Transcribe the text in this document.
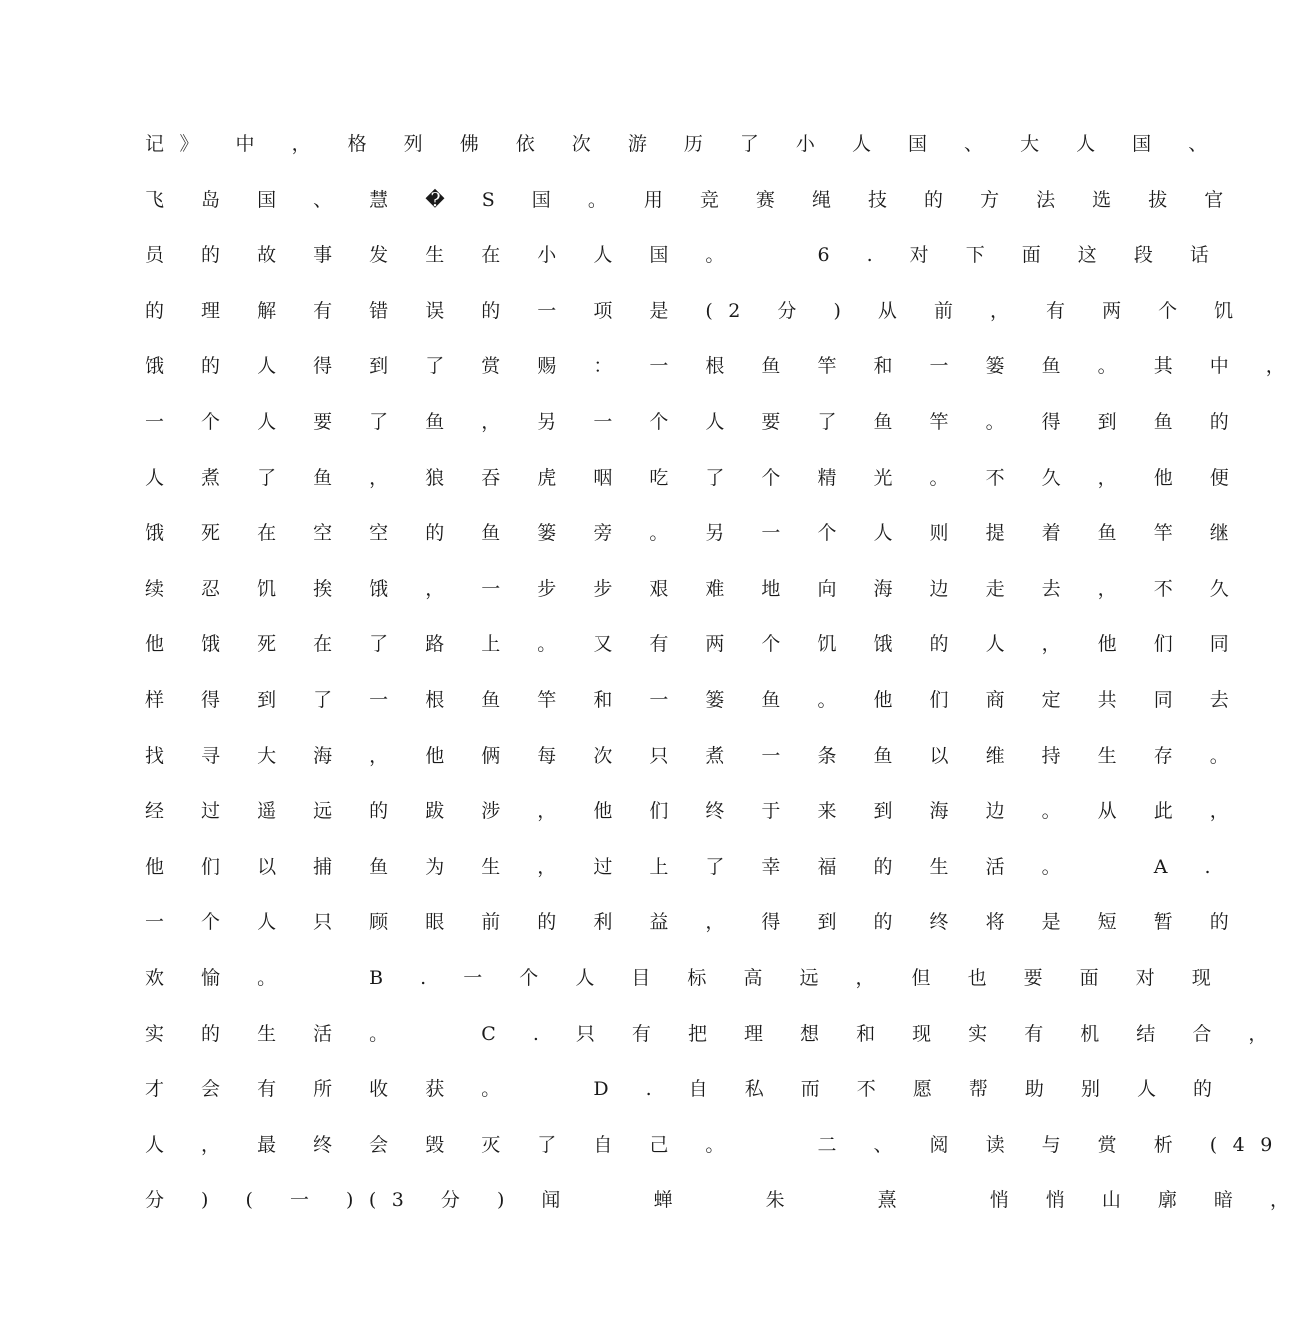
记》 中 ， 格 列 佛 依 次 游 历 了 小 人 国 、 大 人 国 、
飞 岛 国 、 慧 � S 国 。 用 竞 赛 绳 技 的 方 法 选 拔 官
员 的 故 事 发 生 在 小 人 国 。 　 6 . 对 下 面 这 段 话
的 理 解 有 错 误 的 一 项 是 (2 分 ) 从 前 ， 有 两 个 饥
饿 的 人 得 到 了 赏 赐 ： 一 根 鱼 竿 和 一 篓 鱼 。 其 中 ，
一 个 人 要 了 鱼 ， 另 一 个 人 要 了 鱼 竿 。 得 到 鱼 的
人 煮 了 鱼 ， 狼 吞 虎 咽 吃 了 个 精 光 。 不 久 ， 他 便
饿 死 在 空 空 的 鱼 篓 旁 。 另 一 个 人 则 提 着 鱼 竿 继
续 忍 饥 挨 饿 ， 一 步 步 艰 难 地 向 海 边 走 去 ， 不 久
他 饿 死 在 了 路 上 。 又 有 两 个 饥 饿 的 人 ， 他 们 同
样 得 到 了 一 根 鱼 竿 和 一 篓 鱼 。 他 们 商 定 共 同 去
找 寻 大 海 ， 他 俩 每 次 只 煮 一 条 鱼 以 维 持 生 存 。
经 过 遥 远 的 跋 涉 ， 他 们 终 于 来 到 海 边 。 从 此 ，
他 们 以 捕 鱼 为 生 ， 过 上 了 幸 福 的 生 活 。 　 A .
一 个 人 只 顾 眼 前 的 利 益 ， 得 到 的 终 将 是 短 暂 的
欢 愉 。 　 B . 一 个 人 目 标 高 远 ， 但 也 要 面 对 现
实 的 生 活 。 　 C . 只 有 把 理 想 和 现 实 有 机 结 合 ，
才 会 有 所 收 获 。 　 D . 自 私 而 不 愿 帮 助 别 人 的
人 ， 最 终 会 毁 灭 了 自 己 。 　 二 、 阅 读 与 赏 析 (49
分 ) ( 一 )(3 分 ) 闻 　 蝉 　 朱 　 熹 　 悄 悄 山 廓 暗 ，
